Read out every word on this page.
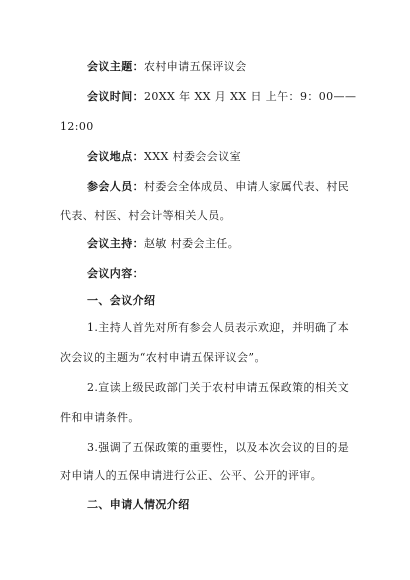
会议主题：农村申请五保评议会
会议时间：20XX 年 XX 月 XX 日 上午：9：00——
12:00
会议地点：XXX 村委会会议室
参会人员：村委会全体成员、申请人家属代表、村民
代表、村医、村会计等相关人员。
会议主持：赵敏 村委会主任。
会议内容：
一、会议介绍
1.主持人首先对所有参会人员表示欢迎，并明确了本
次会议的主题为“农村申请五保评议会”。
2.宣读上级民政部门关于农村申请五保政策的相关文
件和申请条件。
3.强调了五保政策的重要性，以及本次会议的目的是
对申请人的五保申请进行公正、公平、公开的评审。
二、申请人情况介绍
